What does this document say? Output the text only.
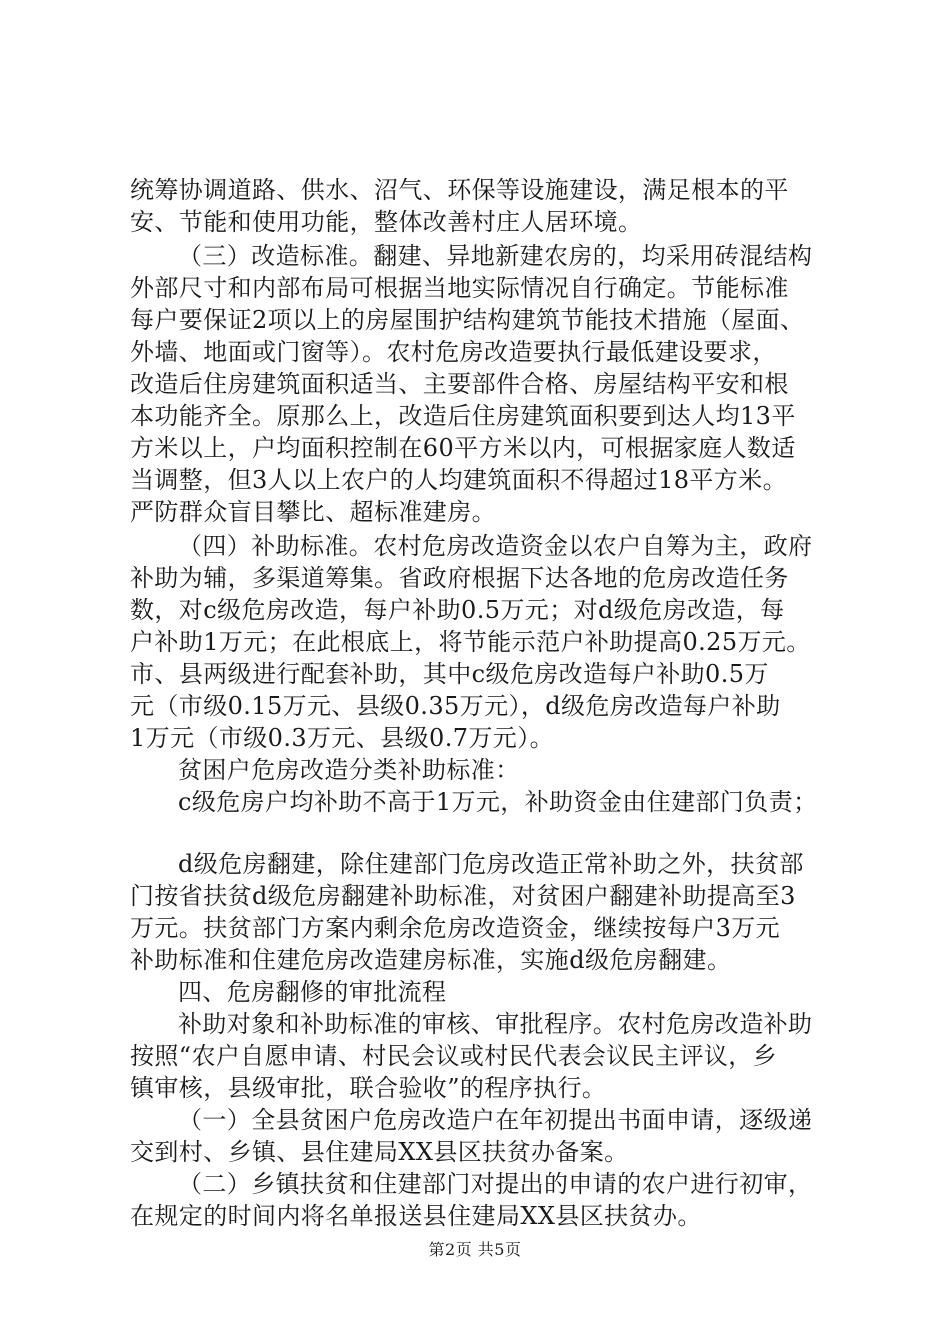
统筹协调道路、供水、沼气、环保等设施建设，满足根本的平
安、节能和使用功能，整体改善村庄人居环境。
（三）改造标准。翻建、异地新建农房的，均采用砖混结构
外部尺寸和内部布局可根据当地实际情况自行确定。节能标准
每户要保证2项以上的房屋围护结构建筑节能技术措施（屋面、
外墙、地面或门窗等）。农村危房改造要执行最低建设要求，
改造后住房建筑面积适当、主要部件合格、房屋结构平安和根
本功能齐全。原那么上，改造后住房建筑面积要到达人均13平
方米以上，户均面积控制在60平方米以内，可根据家庭人数适
当调整，但3人以上农户的人均建筑面积不得超过18平方米。
严防群众盲目攀比、超标准建房。
（四）补助标准。农村危房改造资金以农户自筹为主，政府
补助为辅，多渠道筹集。省政府根据下达各地的危房改造任务
数，对c级危房改造，每户补助0.5万元；对d级危房改造，每
户补助1万元；在此根底上，将节能示范户补助提高0.25万元。
市、县两级进行配套补助，其中c级危房改造每户补助0.5万
元（市级0.15万元、县级0.35万元），d级危房改造每户补助
1万元（市级0.3万元、县级0.7万元）。
贫困户危房改造分类补助标准：
c级危房户均补助不高于1万元，补助资金由住建部门负责；
d级危房翻建，除住建部门危房改造正常补助之外，扶贫部
门按省扶贫d级危房翻建补助标准，对贫困户翻建补助提高至3
万元。扶贫部门方案内剩余危房改造资金，继续按每户3万元
补助标准和住建危房改造建房标准，实施d级危房翻建。
四、危房翻修的审批流程
补助对象和补助标准的审核、审批程序。农村危房改造补助
按照“农户自愿申请、村民会议或村民代表会议民主评议，乡
镇审核，县级审批，联合验收”的程序执行。
（一）全县贫困户危房改造户在年初提出书面申请，逐级递
交到村、乡镇、县住建局XX县区扶贫办备案。
（二）乡镇扶贫和住建部门对提出的申请的农户进行初审，
在规定的时间内将名单报送县住建局XX县区扶贫办。
第2页 共5页
